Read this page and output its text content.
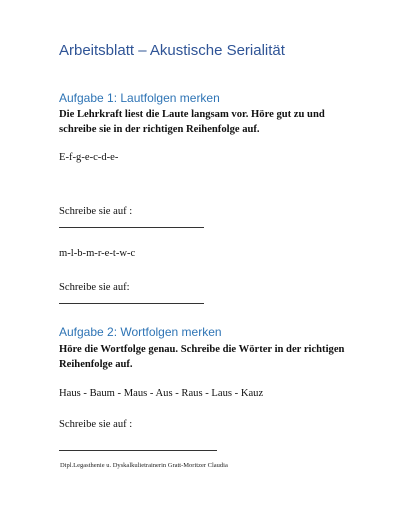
Arbeitsblatt – Akustische Serialität
Aufgabe 1: Lautfolgen merken
Die Lehrkraft liest die Laute langsam vor. Höre gut zu und schreibe sie in der richtigen Reihenfolge auf.
E-f-g-e-c-d-e-
Schreibe sie auf :
m-l-b-m-r-e-t-w-c
Schreibe sie auf:
Aufgabe 2: Wortfolgen merken
Höre die Wortfolge genau. Schreibe die Wörter in der richtigen Reihenfolge auf.
Haus - Baum - Maus - Aus - Raus - Laus - Kauz
Schreibe sie auf :
Dipl.Legasthenie u. Dyskalkulietrainerin Gratt-Moritzer Claudia
